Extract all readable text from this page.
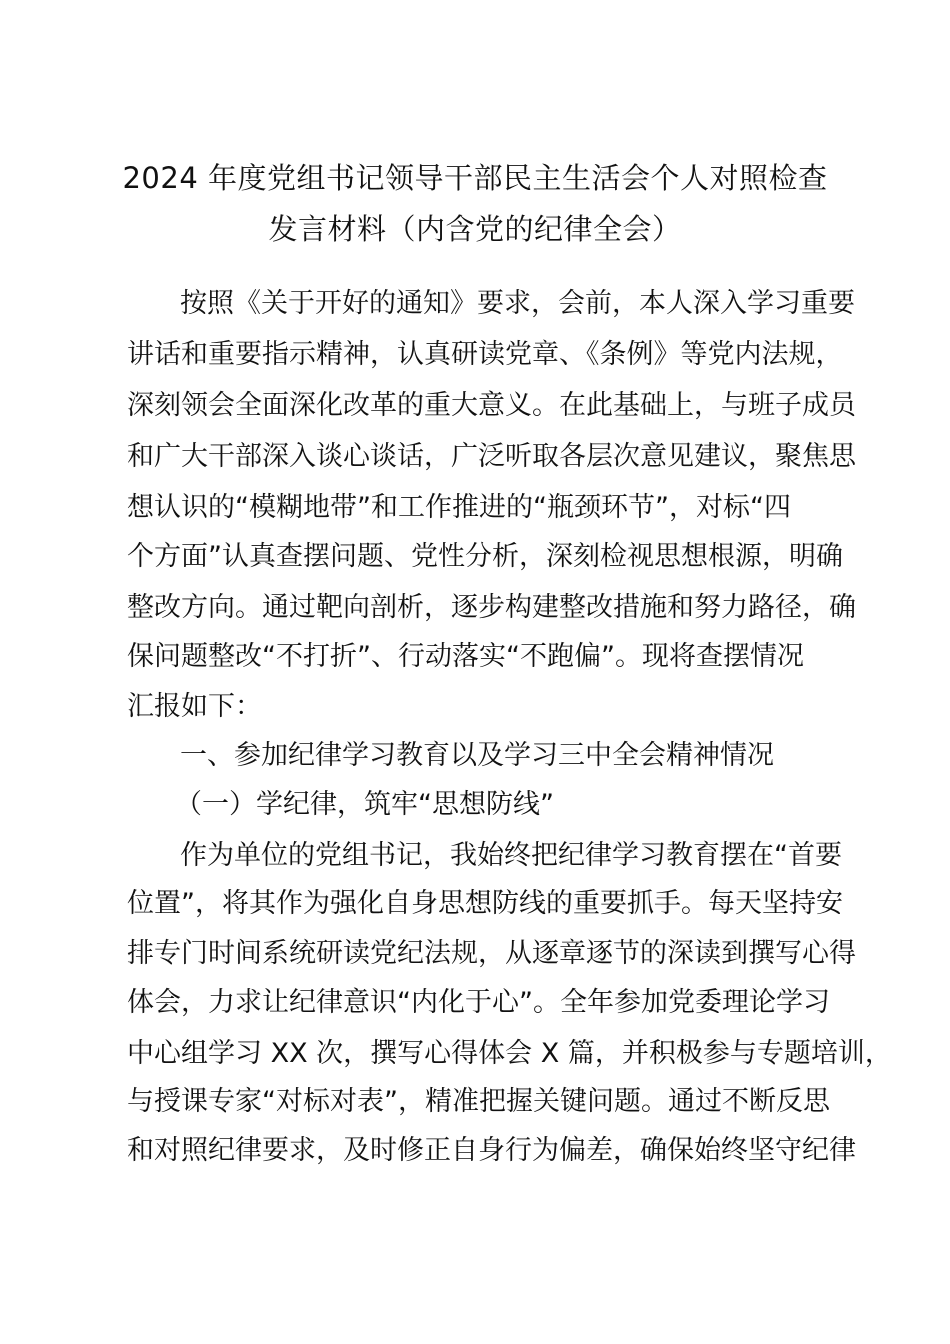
2024 年度党组书记领导干部民主生活会个人对照检查
发言材料（内含党的纪律全会）
按照《关于开好的通知》要求，会前，本人深入学习重要
讲话和重要指示精神，认真研读党章、《条例》等党内法规，
深刻领会全面深化改革的重大意义。在此基础上，与班子成员
和广大干部深入谈心谈话，广泛听取各层次意见建议，聚焦思
想认识的“模糊地带”和工作推进的“瓶颈环节”，对标“四
个方面”认真查摆问题、党性分析，深刻检视思想根源，明确
整改方向。通过靶向剖析，逐步构建整改措施和努力路径，确
保问题整改“不打折”、行动落实“不跑偏”。现将查摆情况
汇报如下：
一、参加纪律学习教育以及学习三中全会精神情况
（一）学纪律，筑牢“思想防线”
作为单位的党组书记，我始终把纪律学习教育摆在“首要
位置”，将其作为强化自身思想防线的重要抓手。每天坚持安
排专门时间系统研读党纪法规，从逐章逐节的深读到撰写心得
体会，力求让纪律意识“内化于心”。全年参加党委理论学习
中心组学习 XX 次，撰写心得体会 X 篇，并积极参与专题培训，
与授课专家“对标对表”，精准把握关键问题。通过不断反思
和对照纪律要求，及时修正自身行为偏差，确保始终坚守纪律
